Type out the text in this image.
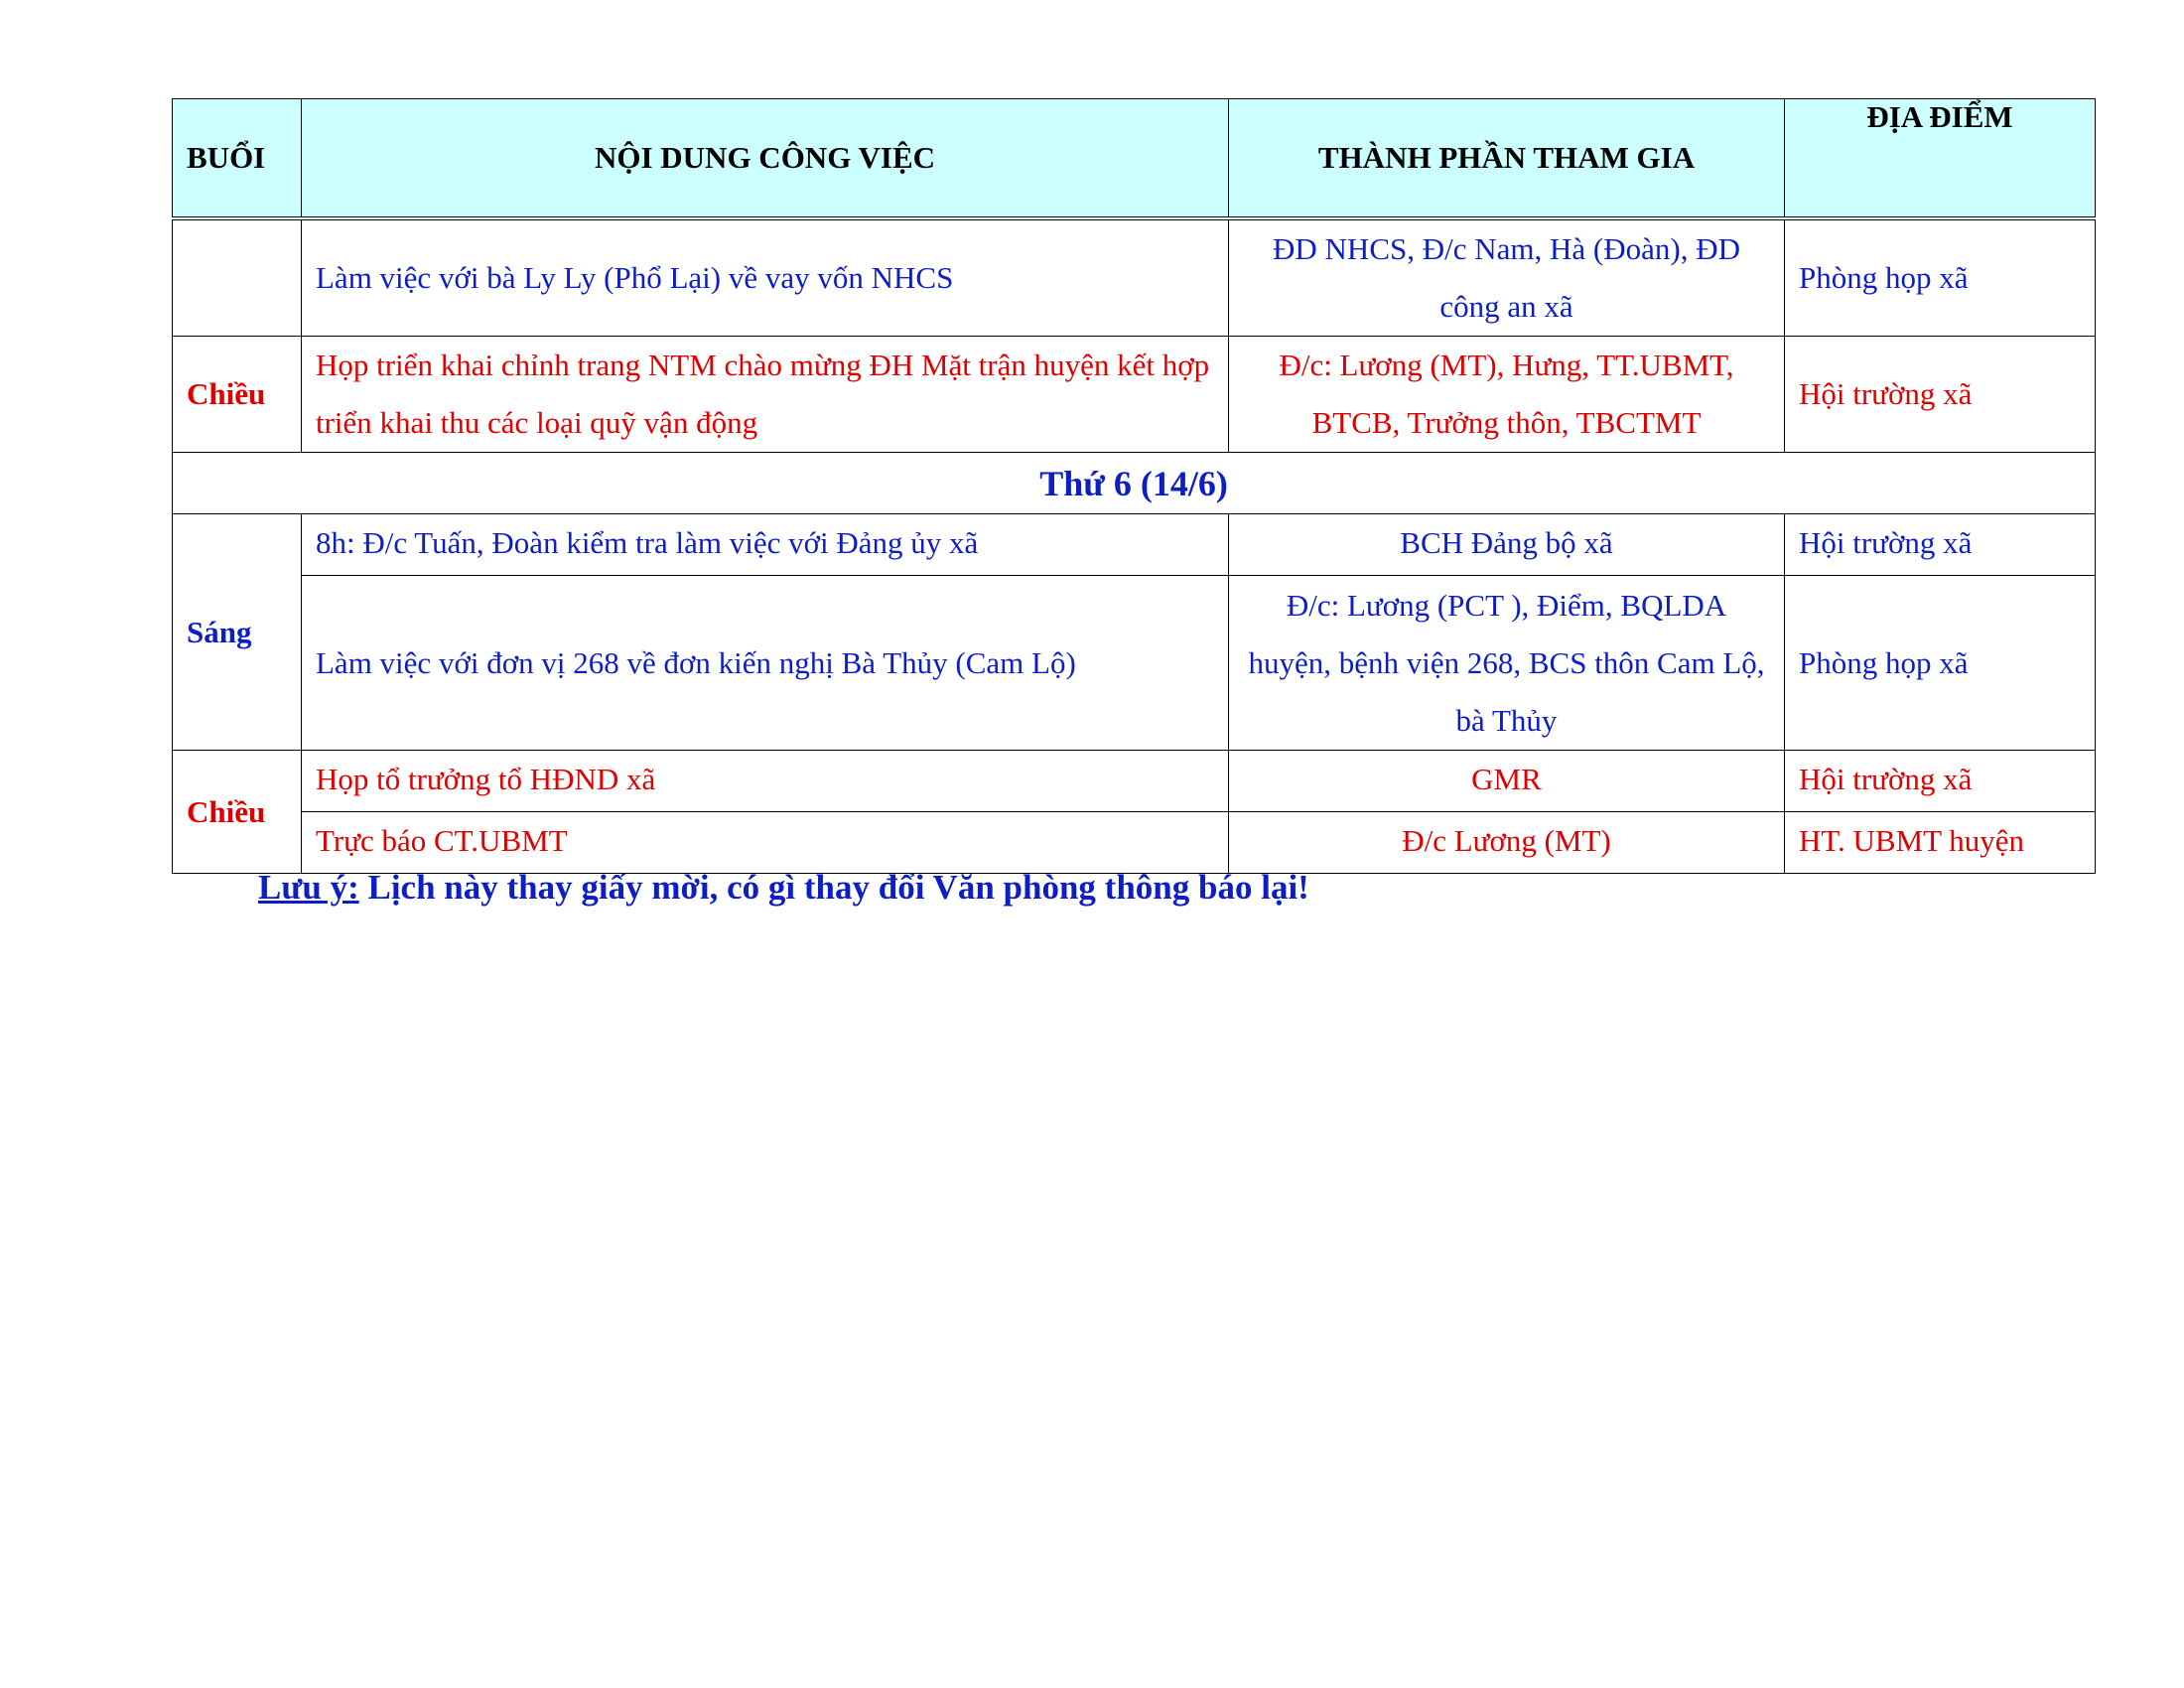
BUỔI	NỘI DUNG CÔNG VIỆC	THÀNH PHẦN THAM GIA	ĐỊA ĐIỂM
	Làm việc với bà Ly Ly (Phổ Lại) về vay vốn NHCS	ĐD NHCS, Đ/c Nam, Hà (Đoàn), ĐD công an xã	Phòng họp xã
Chiều	Họp triển khai chỉnh trang NTM chào mừng ĐH Mặt trận huyện kết hợp triển khai thu các loại quỹ vận động	Đ/c: Lương (MT), Hưng, TT.UBMT, BTCB, Trưởng thôn, TBCTMT	Hội trường xã
Thứ 6 (14/6)			
Sáng	8h: Đ/c Tuấn, Đoàn kiểm tra làm việc với Đảng ủy xã	BCH Đảng bộ xã	Hội trường xã
	Làm việc với đơn vị 268 về đơn kiến nghị Bà Thủy (Cam Lộ)	Đ/c: Lương (PCT ), Điểm, BQLDA huyện, bệnh viện 268, BCS thôn Cam Lộ, bà Thủy	Phòng họp xã
Chiều	Họp tổ trưởng tổ HĐND xã	GMR	Hội trường xã
	Trực báo CT.UBMT	Đ/c Lương (MT)	HT. UBMT huyện
Lưu ý: Lịch này thay giấy mời, có gì thay đổi Văn phòng thông báo lại!
